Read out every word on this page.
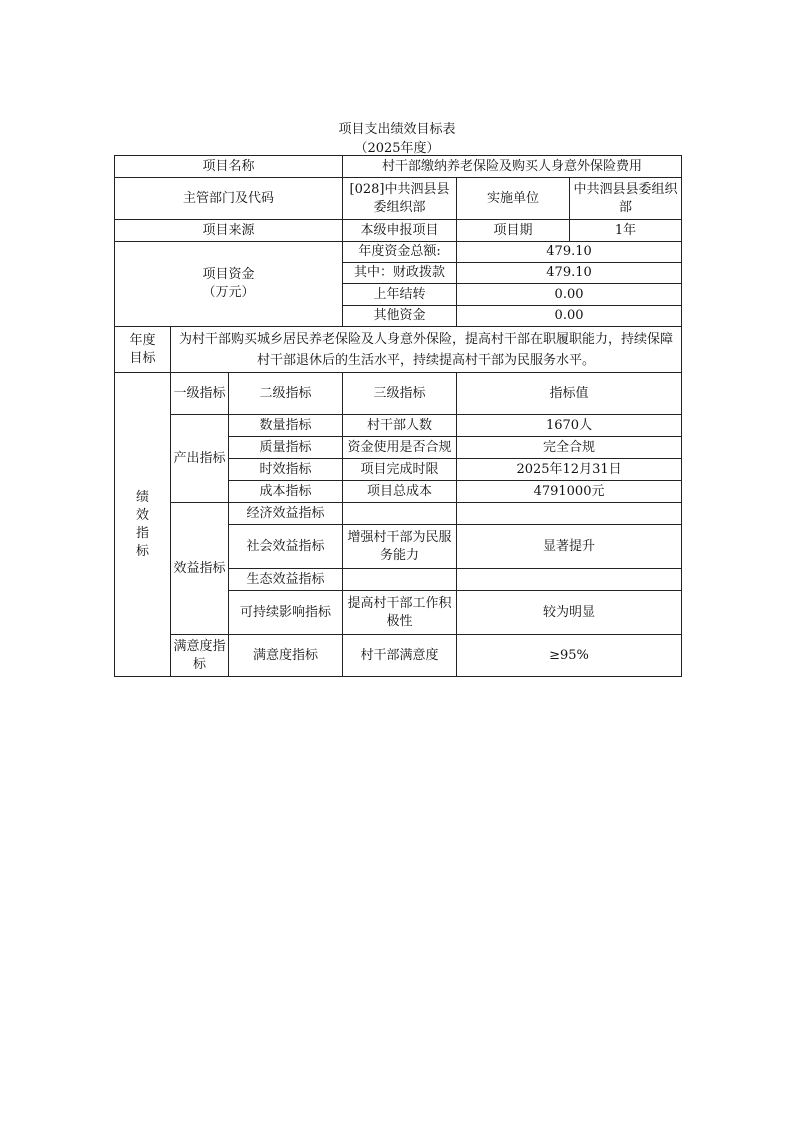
项目支出绩效目标表
（2025年度）
项目名称			村干部缴纳养老保险及购买人身意外保险费用		
主管部门及代码			[028]中共泗县县委组织部	实施单位	中共泗县县委组织部
项目来源			本级申报项目	项目期	1年

项目资金
（万元）			年度资金总额:	479.10	
			其中：财政拨款	479.10	
			上年结转	0.00	
			其他资金	0.00	

年度
目标	为村干部购买城乡居民养老保险及人身意外保险，提高村干部在职履职能力，持续保障村干部退休后的生活水平，持续提高村干部为民服务水平。				

绩
效
指
标	一级指标	二级指标	三级指标	指标值	
	产出指标	数量指标	村干部人数	1670人	
		质量指标	资金使用是否合规	完全合规	
		时效指标	项目完成时限	2025年12月31日	
		成本指标	项目总成本	4791000元	
	效益指标	经济效益指标			
		社会效益指标	增强村干部为民服务能力	显著提升	
		生态效益指标			
		可持续影响指标	提高村干部工作积极性	较为明显	
	满意度指标	满意度指标	村干部满意度	≥95%	
